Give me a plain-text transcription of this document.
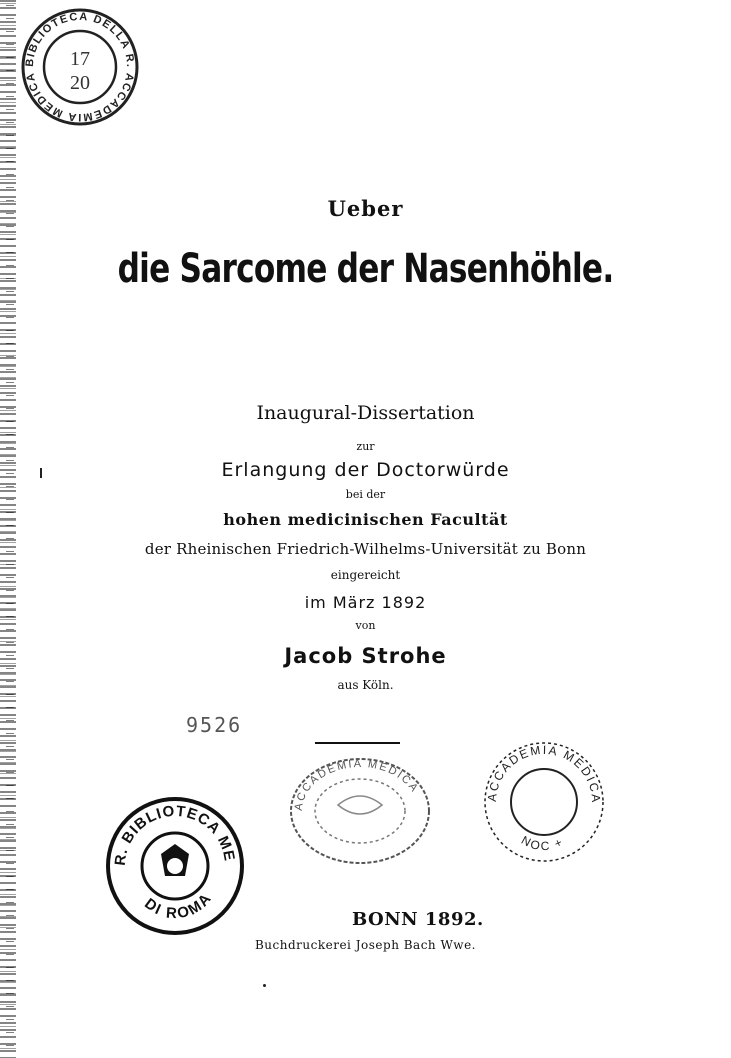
BIBLIOTECA DELLA R. ACCADEMIA MEDICA
17
20
Ueber
die Sarcome der Nasenhöhle.
Inaugural-Dissertation
zur
Erlangung der Doctorwürde
bei der
hohen medicinischen Facultät
der Rheinischen Friedrich-Wilhelms-Universität zu Bonn
eingereicht
im März 1892
von
Jacob Strohe
aus Köln.
9526
ACCADEMIA MEDICA
ACCADEMIA MEDICA
NOC +
R. BIBLIOTECA MEDICA
DI ROMA
BONN 1892.
Buchdruckerei Joseph Bach Wwe.
